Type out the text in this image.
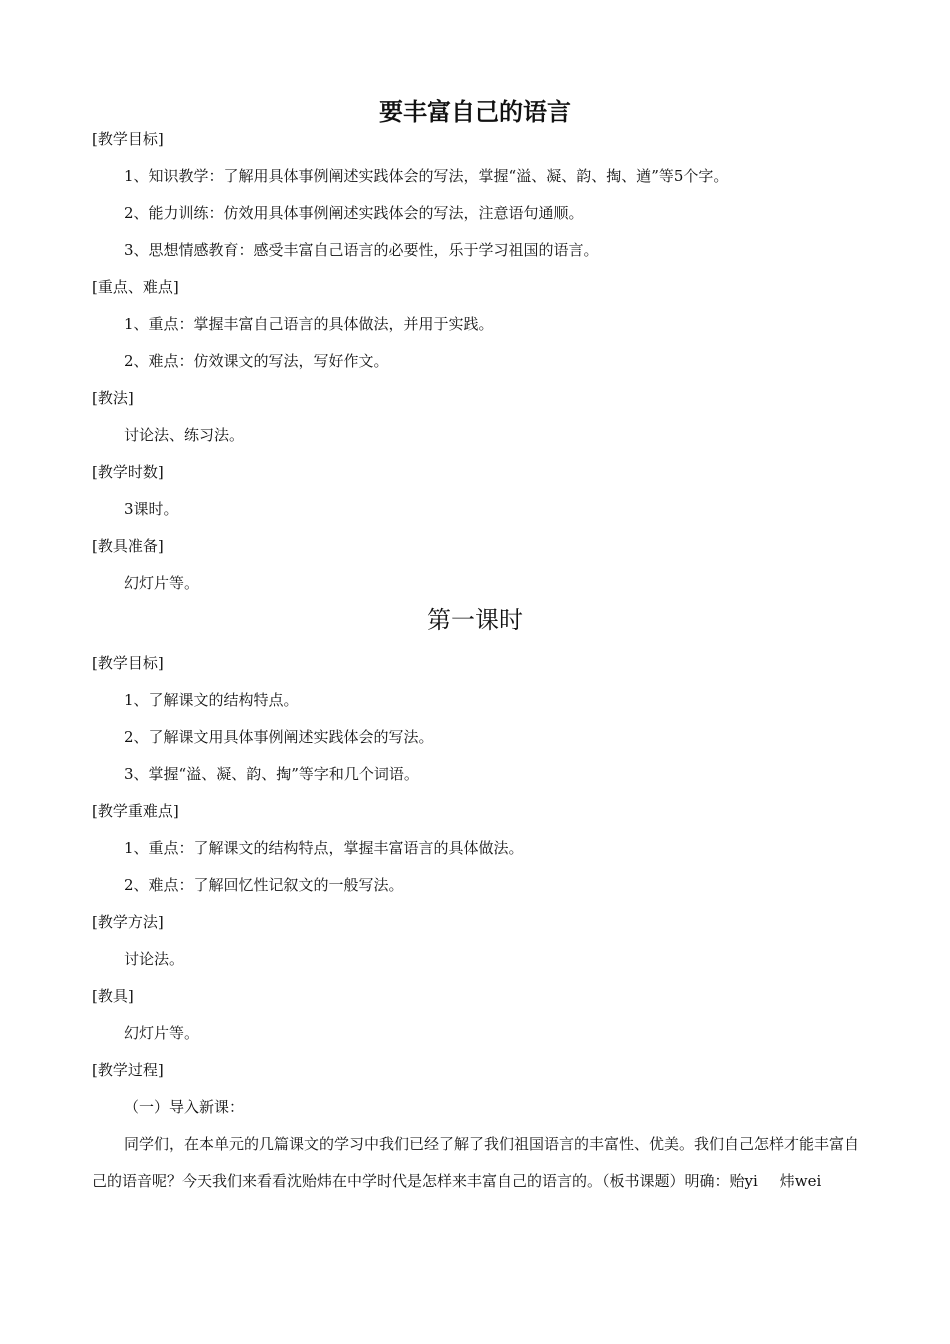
要丰富自己的语言
[教学目标]
1、知识教学：了解用具体事例阐述实践体会的写法，掌握“溢、凝、韵、掏、遒”等5个字。
2、能力训练：仿效用具体事例阐述实践体会的写法，注意语句通顺。
3、思想情感教育：感受丰富自己语言的必要性，乐于学习祖国的语言。
[重点、难点]
1、重点：掌握丰富自己语言的具体做法，并用于实践。
2、难点：仿效课文的写法，写好作文。
[教法]
讨论法、练习法。
[教学时数]
3课时。
[教具准备]
幻灯片等。
第一课时
[教学目标]
1、了解课文的结构特点。
2、了解课文用具体事例阐述实践体会的写法。
3、掌握“溢、凝、韵、掏”等字和几个词语。
[教学重难点]
1、重点：了解课文的结构特点，掌握丰富语言的具体做法。
2、难点：了解回忆性记叙文的一般写法。
[教学方法]
讨论法。
[教具]
幻灯片等。
[教学过程]
（一）导入新课：
同学们，在本单元的几篇课文的学习中我们已经了解了我们祖国语言的丰富性、优美。我们自己怎样才能丰富自己的语音呢？今天我们来看看沈贻炜在中学时代是怎样来丰富自己的语言的。（板书课题）明确：贻yi 炜wei
